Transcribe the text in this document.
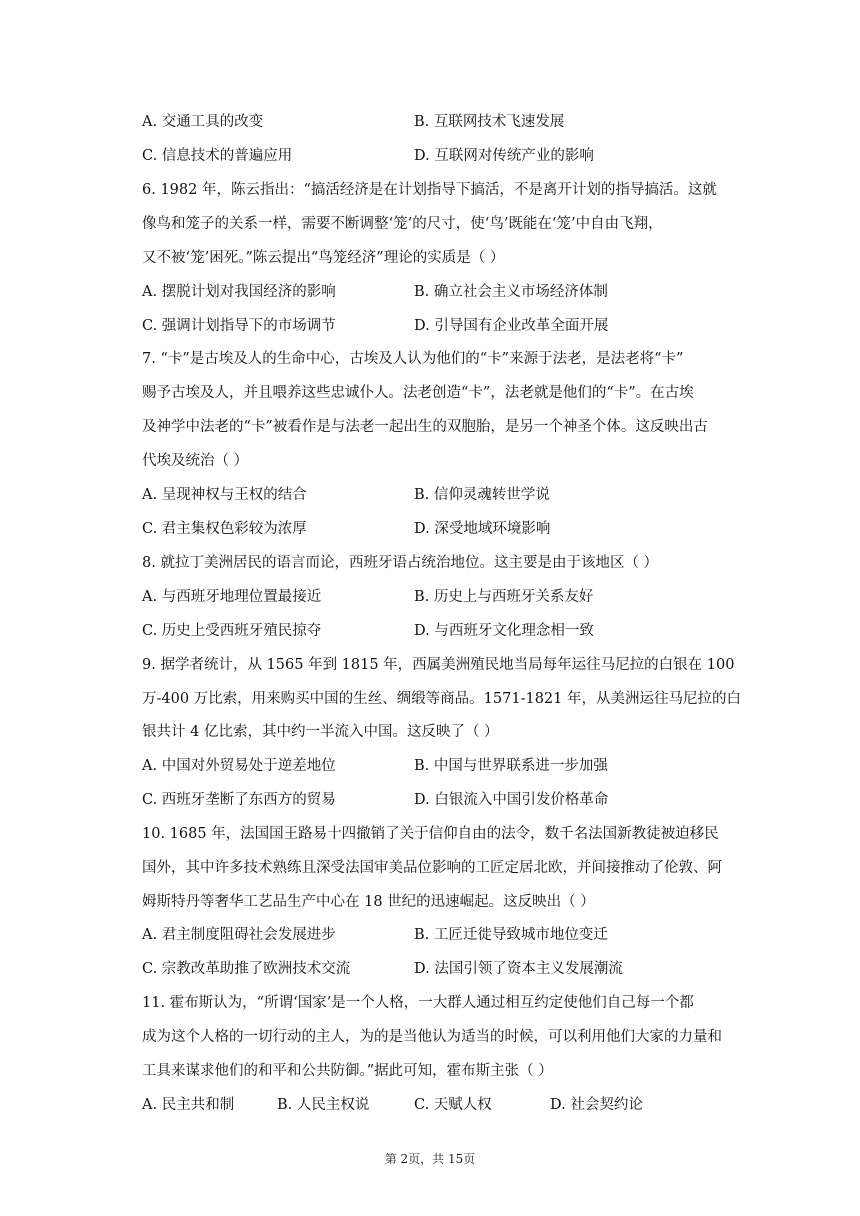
A. 交通工具的改变	B. 互联网技术飞速发展
C. 信息技术的普遍应用	D. 互联网对传统产业的影响
6. 1982 年，陈云指出：“搞活经济是在计划指导下搞活，不是离开计划的指导搞活。这就
像鸟和笼子的关系一样，需要不断调整‘笼’的尺寸，使‘鸟’既能在‘笼’中自由飞翔，
又不被‘笼’困死。”陈云提出“鸟笼经济”理论的实质是（ ）
A. 摆脱计划对我国经济的影响	B. 确立社会主义市场经济体制
C. 强调计划指导下的市场调节	D. 引导国有企业改革全面开展
7. “卡”是古埃及人的生命中心，古埃及人认为他们的“卡”来源于法老，是法老将“卡”
赐予古埃及人，并且喂养这些忠诚仆人。法老创造“卡”，法老就是他们的“卡”。在古埃
及神学中法老的“卡”被看作是与法老一起出生的双胞胎，是另一个神圣个体。这反映出古
代埃及统治（ ）
A. 呈现神权与王权的结合	B. 信仰灵魂转世学说
C. 君主集权色彩较为浓厚	D. 深受地域环境影响
8. 就拉丁美洲居民的语言而论，西班牙语占统治地位。这主要是由于该地区（ ）
A. 与西班牙地理位置最接近	B. 历史上与西班牙关系友好
C. 历史上受西班牙殖民掠夺	D. 与西班牙文化理念相一致
9. 据学者统计，从 1565 年到 1815 年，西属美洲殖民地当局每年运往马尼拉的白银在 100
万-400 万比索，用来购买中国的生丝、绸缎等商品。1571-1821 年，从美洲运往马尼拉的白
银共计 4 亿比索，其中约一半流入中国。这反映了（ ）
A. 中国对外贸易处于逆差地位	B. 中国与世界联系进一步加强
C. 西班牙垄断了东西方的贸易	D. 白银流入中国引发价格革命
10. 1685 年，法国国王路易十四撤销了关于信仰自由的法令，数千名法国新教徒被迫移民
国外，其中许多技术熟练且深受法国审美品位影响的工匠定居北欧，并间接推动了伦敦、阿
姆斯特丹等奢华工艺品生产中心在 18 世纪的迅速崛起。这反映出（ ）
A. 君主制度阻碍社会发展进步	B. 工匠迁徙导致城市地位变迁
C. 宗教改革助推了欧洲技术交流	D. 法国引领了资本主义发展潮流
11. 霍布斯认为，“所谓‘国家’是一个人格，一大群人通过相互约定使他们自己每一个都
成为这个人格的一切行动的主人，为的是当他认为适当的时候，可以利用他们大家的力量和
工具来谋求他们的和平和公共防御。”据此可知，霍布斯主张（ ）
A. 民主共和制	B. 人民主权说	C. 天赋人权	D. 社会契约论
第 2页，共 15页
